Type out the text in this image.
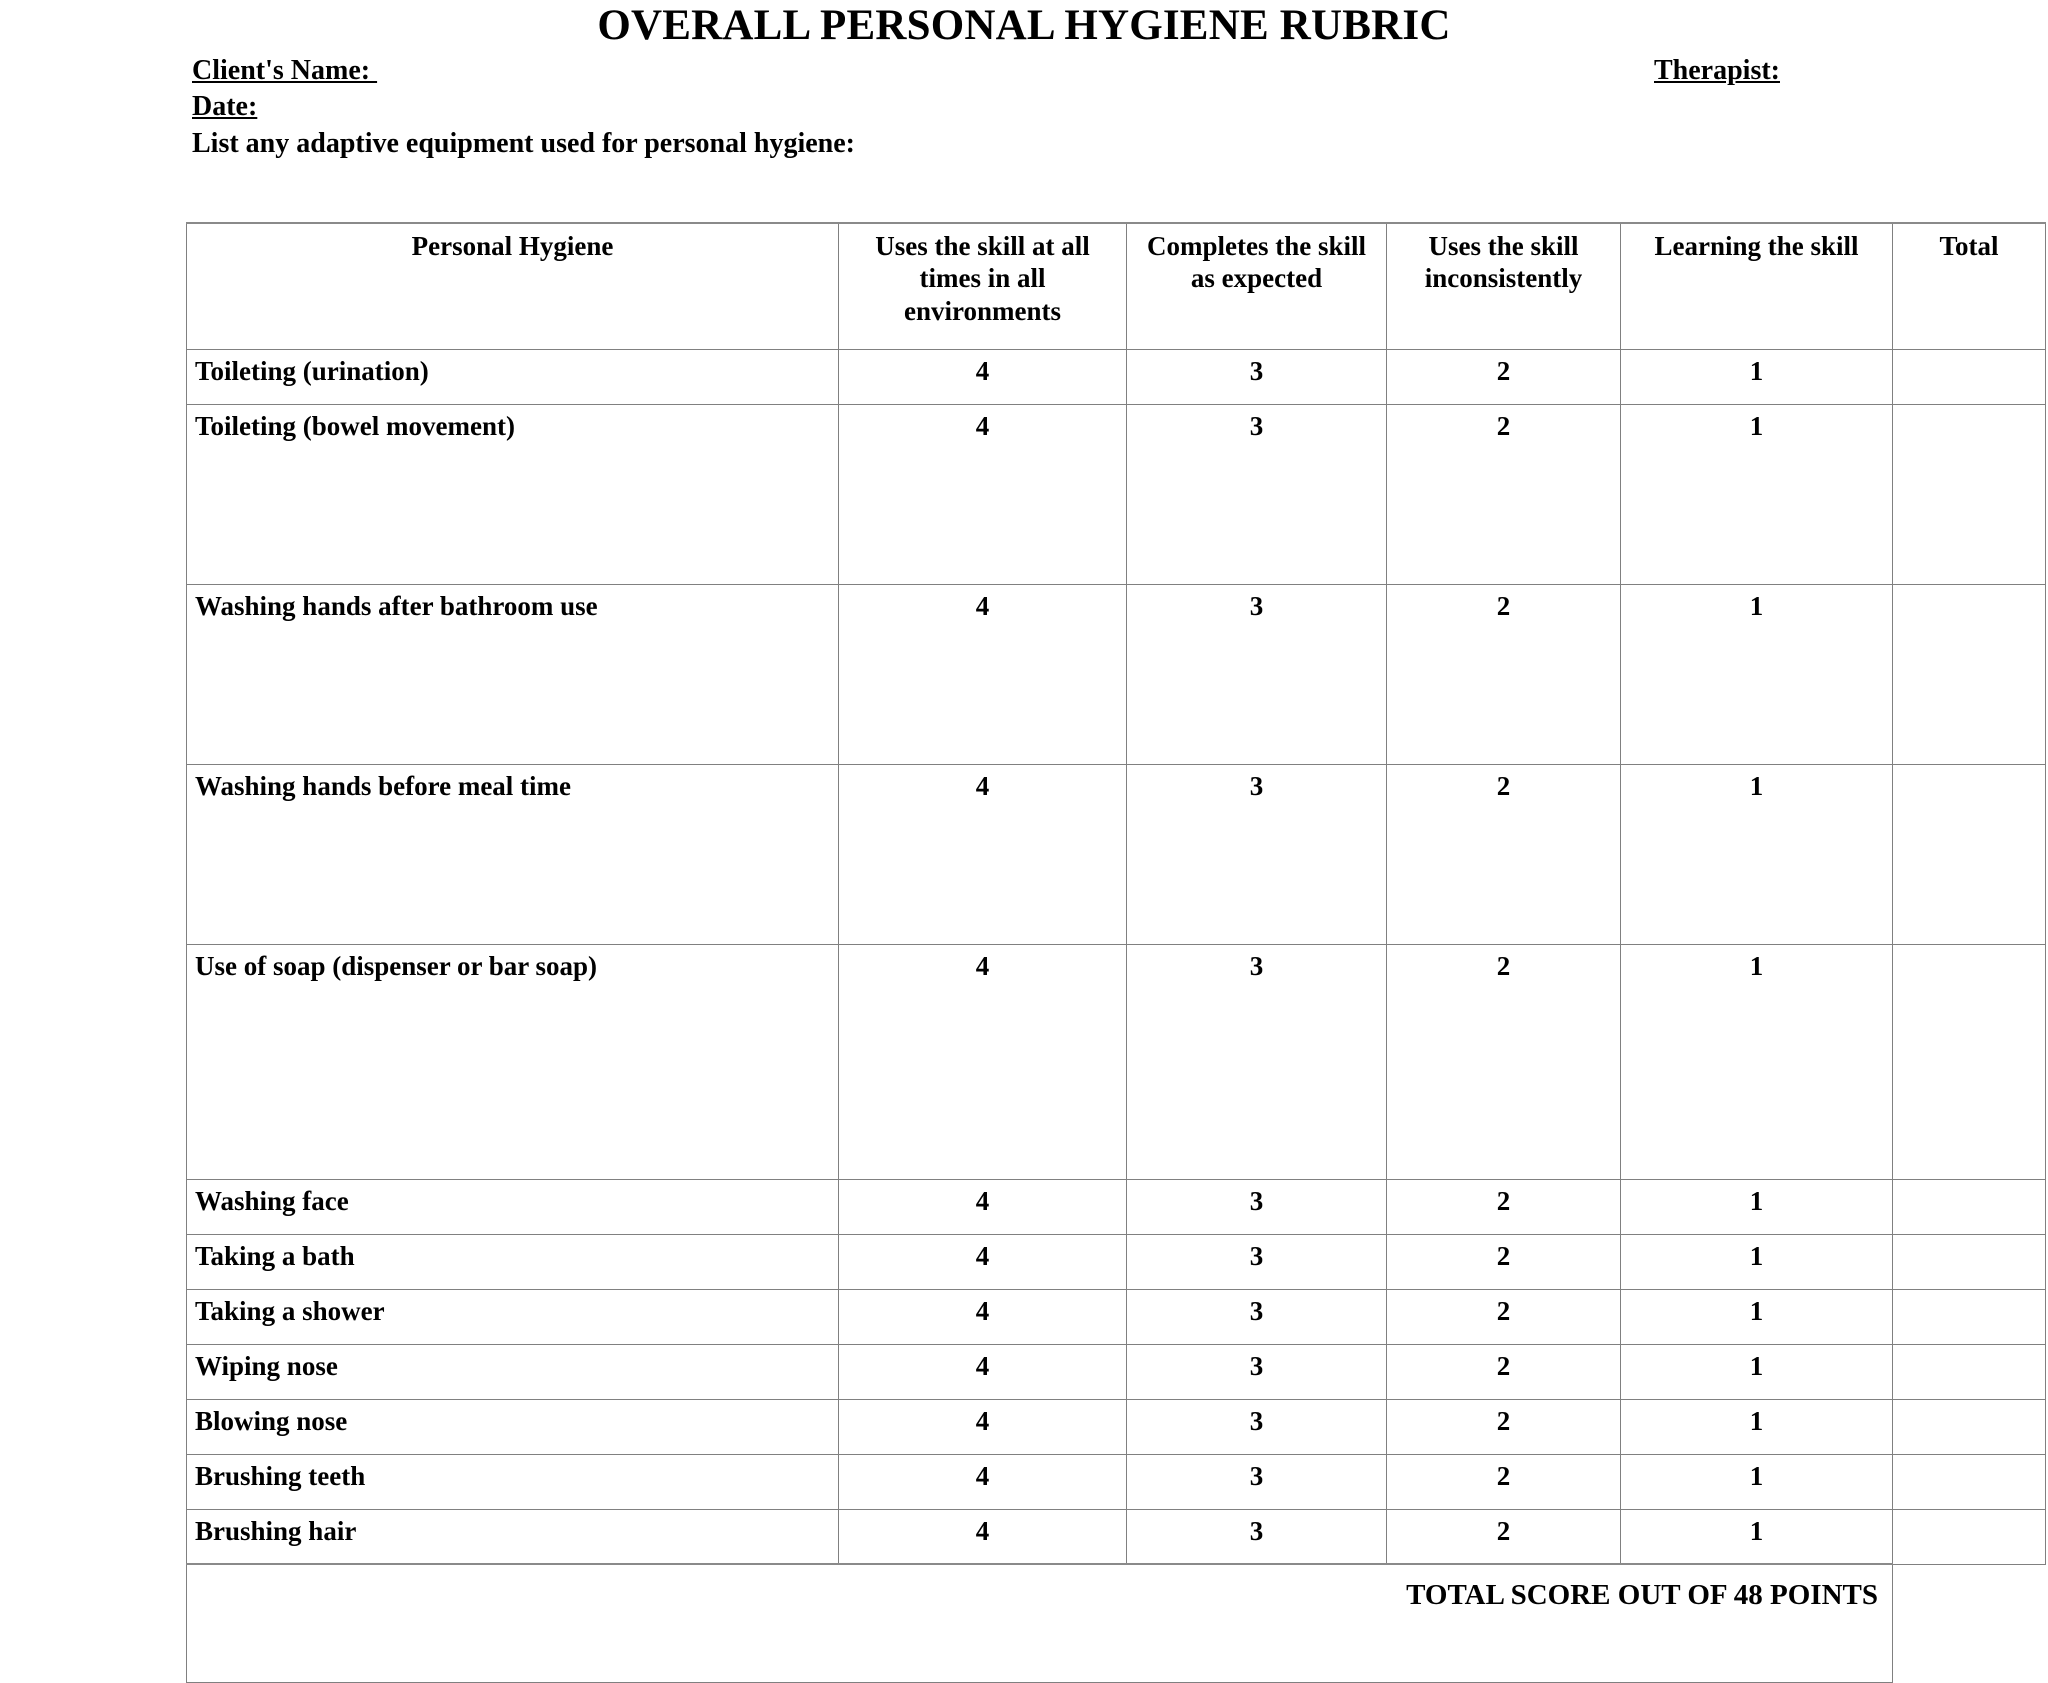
OVERALL PERSONAL HYGIENE RUBRIC
Client's Name:	Therapist:
Date:
List any adaptive equipment used for personal hygiene:
Personal Hygiene	Uses the skill at all times in all environments	Completes the skill as expected	Uses the skill inconsistently	Learning the skill	Total
Toileting (urination)	4	3	2	1	
Toileting (bowel movement)	4	3	2	1	
Washing hands after bathroom use	4	3	2	1	
Washing hands before meal time	4	3	2	1	
Use of soap (dispenser or bar soap)	4	3	2	1	
Washing face	4	3	2	1	
Taking a bath	4	3	2	1	
Taking a shower	4	3	2	1	
Wiping nose	4	3	2	1	
Blowing nose	4	3	2	1	
Brushing teeth	4	3	2	1	
Brushing hair	4	3	2	1	
TOTAL SCORE OUT OF 48 POINTS					
